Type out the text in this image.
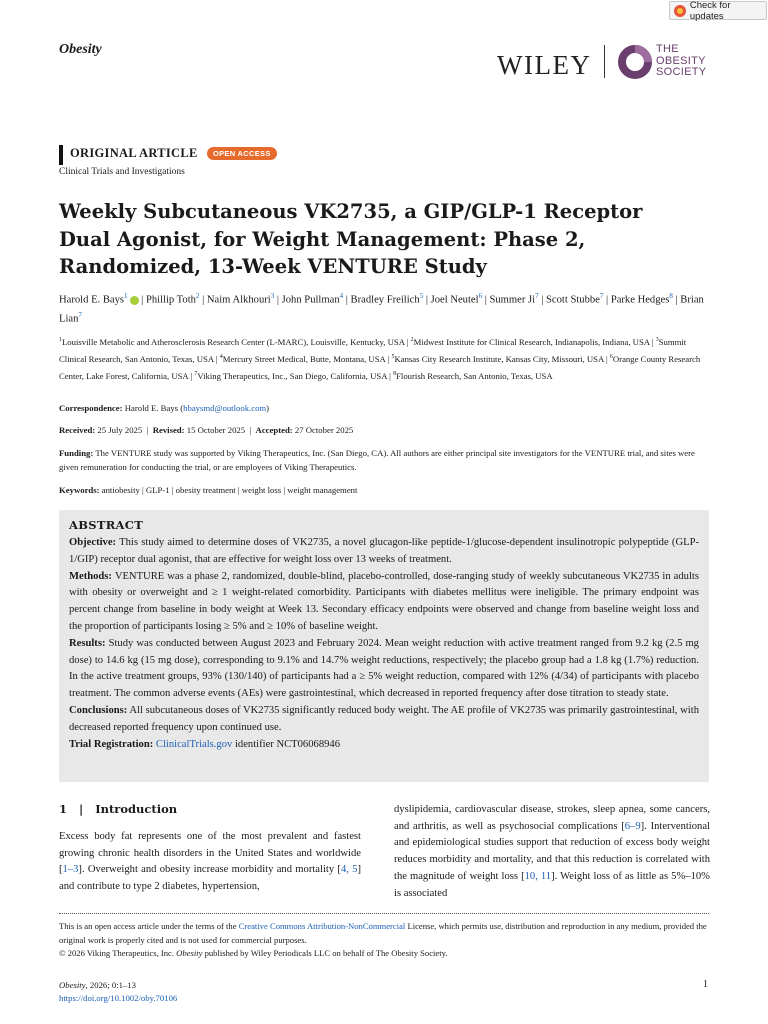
Check for updates
Obesity
WILEY
THE
OBESITY
SOCIETY
ORIGINAL ARTICLE	OPEN ACCESS
Clinical Trials and Investigations
Weekly Subcutaneous VK2735, a GIP/GLP-1 Receptor Dual Agonist, for Weight Management: Phase 2, Randomized, 13-Week VENTURE Study
Harold E. Bays$^1$ | Phillip Toth$^2$ | Naim Alkhouri$^3$ | John Pullman$^4$ | Bradley Freilich$^5$ | Joel Neutel$^6$ | Summer Ji$^7$ | Scott Stubbe$^7$ | Parke Hedges$^8$ | Brian Lian$^7$
$^1$Louisville Metabolic and Atherosclerosis Research Center (L-MARC), Louisville, Kentucky, USA | $^2$Midwest Institute for Clinical Research, Indianapolis, Indiana, USA | $^3$Summit Clinical Research, San Antonio, Texas, USA | $^4$Mercury Street Medical, Butte, Montana, USA | $^5$Kansas City Research Institute, Kansas City, Missouri, USA | $^6$Orange County Research Center, Lake Forest, California, USA | $^7$Viking Therapeutics, Inc., San Diego, California, USA | $^8$Flourish Research, San Antonio, Texas, USA
Correspondence: Harold E. Bays (hbaysmd@outlook.com)
Received: 25 July 2025  |  Revised: 15 October 2025  |  Accepted: 27 October 2025
Funding: The VENTURE study was supported by Viking Therapeutics, Inc. (San Diego, CA). All authors are either principal site investigators for the VENTURE trial, and sites were given remuneration for conducting the trial, or are employees of Viking Therapeutics.
Keywords: antiobesity | GLP-1 | obesity treatment | weight loss | weight management
ABSTRACT

Objective: This study aimed to determine doses of VK2735, a novel glucagon-like peptide-1/glucose-dependent insulinotropic polypeptide (GLP-1/GIP) receptor dual agonist, that are effective for weight loss over 13 weeks of treatment.

Methods: VENTURE was a phase 2, randomized, double-blind, placebo-controlled, dose-ranging study of weekly subcutaneous VK2735 in adults with obesity or overweight and ≥ 1 weight-related comorbidity. Participants with diabetes mellitus were ineligible. The primary endpoint was percent change from baseline in body weight at Week 13. Secondary efficacy endpoints were observed and change from baseline weight loss and the proportion of participants losing ≥ 5% and ≥ 10% of baseline weight.

Results: Study was conducted between August 2023 and February 2024. Mean weight reduction with active treatment ranged from 9.2 kg (2.5 mg dose) to 14.6 kg (15 mg dose), corresponding to 9.1% and 14.7% weight reductions, respectively; the placebo group had a 1.8 kg (1.7%) reduction. In the active treatment groups, 93% (130/140) of participants had a ≥ 5% weight reduction, compared with 12% (4/34) of participants with placebo treatment. The common adverse events (AEs) were gastrointestinal, which decreased in reported frequency after dose titration to steady state.

Conclusions: All subcutaneous doses of VK2735 significantly reduced body weight. The AE profile of VK2735 was primarily gastrointestinal, with decreased reported frequency upon continued use.

Trial Registration: ClinicalTrials.gov identifier NCT06068946

1   |   Introduction
Excess body fat represents one of the most prevalent and fastest growing chronic health disorders in the United States and worldwide [1–3]. Overweight and obesity increase morbidity and mortality [4, 5] and contribute to type 2 diabetes, hypertension,
dyslipidemia, cardiovascular disease, strokes, sleep apnea, some cancers, and arthritis, as well as psychosocial complications [6–9]. Interventional and epidemiological studies support that reduction of excess body weight reduces morbidity and mortality, and that this reduction is correlated with the magnitude of weight loss [10, 11]. Weight loss of as little as 5%–10% is associated
This is an open access article under the terms of the Creative Commons Attribution-NonCommercial License, which permits use, distribution and reproduction in any medium, provided the original work is properly cited and is not used for commercial purposes.
© 2026 Viking Therapeutics, Inc. Obesity published by Wiley Periodicals LLC on behalf of The Obesity Society.
Obesity, 2026; 0:1–13
https://doi.org/10.1002/oby.70106
1
